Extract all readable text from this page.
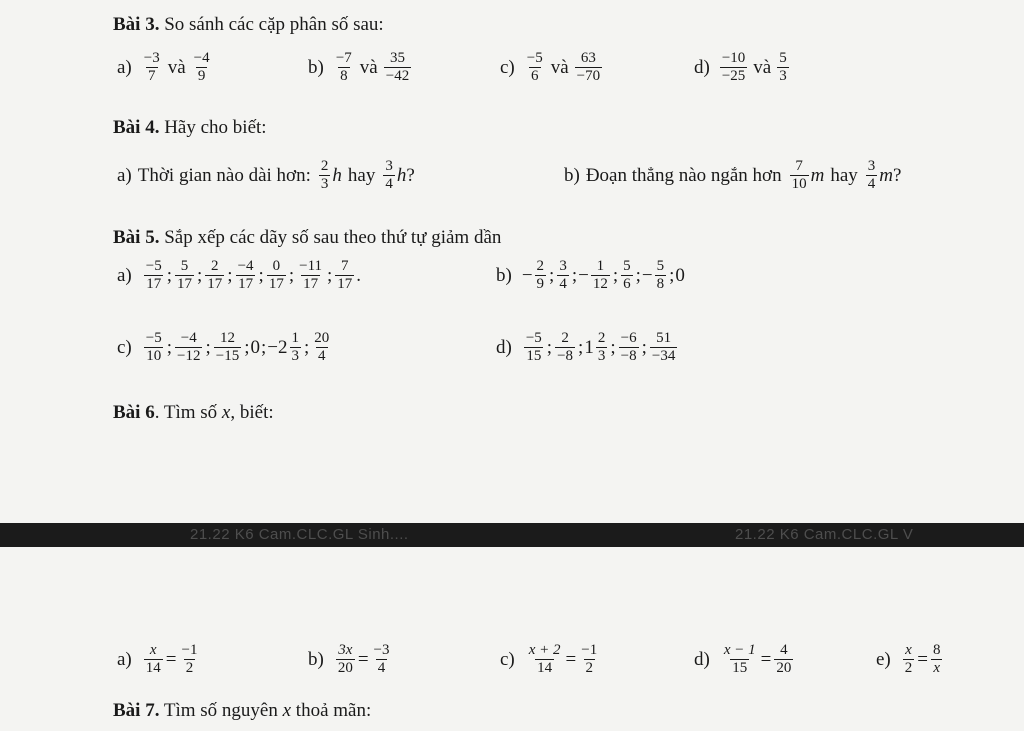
Bài 3. So sánh các cặp phân số sau:
$a) \frac{-3}{7}$ và $\frac{-4}{9}$	$b) \frac{-7}{8}$ và $\frac{35}{-42}$	$c) \frac{-5}{6}$ và $\frac{63}{-70}$	$d) \frac{-10}{-25}$ và $\frac{5}{3}$
Bài 4. Hãy cho biết:
a) Thời gian nào dài hơn: $\frac{2}{3}$ h hay $\frac{3}{4}$ h ?	b) Đoạn thẳng nào ngắn hơn $\frac{7}{10}$ m hay $\frac{3}{4}$ m ?
Bài 5. Sắp xếp các dãy số sau theo thứ tự giảm dần
$a) \frac{-5}{17}$ ; $\frac{5}{17}$ ; $\frac{2}{17}$ ; $\frac{-4}{17}$ ; $\frac{0}{17}$ ; $\frac{-11}{17}$ ; $\frac{7}{17}$ .	$b) - \frac{2}{9}$ ; $\frac{3}{4}$ ; − $\frac{1}{12}$ ; $\frac{5}{6}$ ; − $\frac{5}{8}$ ; 0
$c) \frac{-5}{10}$ ; $\frac{-4}{-12}$ ; $\frac{12}{-15}$ ; 0 ; $-2 \frac{1}{3}$ ; $\frac{20}{4}$	$d) \frac{-5}{15}$ ; $\frac{2}{-8}$ ; $1 \frac{2}{3}$ ; $\frac{-6}{-8}$ ; $\frac{51}{-34}$
Bài 6. Tìm số x, biết:
21.22 K6 Cam.CLC.GL Sinh....	21.22 K6 Cam.CLC.GL V
$a) \frac{x}{14} = \frac{-1}{2}$	$b) \frac{3x}{20} = \frac{-3}{4}$	$c) \frac{x + 2}{14} = \frac{-1}{2}$	$d) \frac{x - 1}{15} = \frac{4}{20}$	$e) \frac{x}{2} = \frac{8}{x}$
Bài 7. Tìm số nguyên x thoả mãn:
